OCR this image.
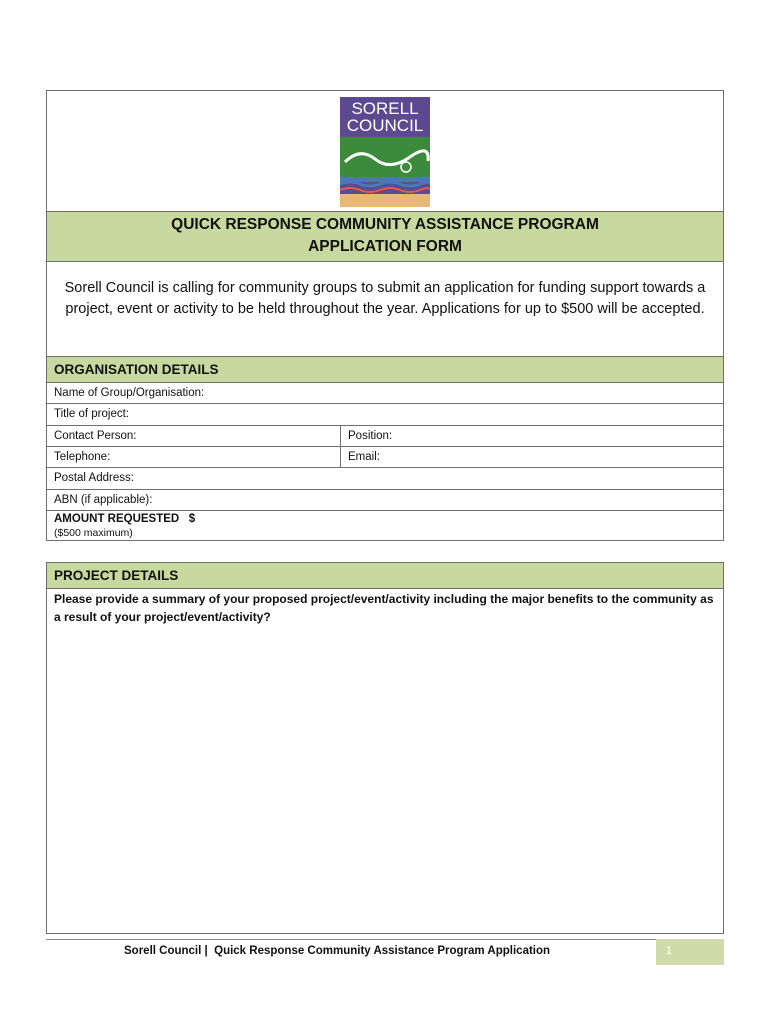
SORELL
COUNCIL
QUICK RESPONSE COMMUNITY ASSISTANCE PROGRAM
APPLICATION FORM
Sorell Council is calling for community groups to submit an application for funding support towards a project, event or activity to be held throughout the year. Applications for up to $500 will be accepted.
ORGANISATION DETAILS
Name of Group/Organisation:
Title of project:
Contact Person:	Position:
Telephone:	Email:
Postal Address:
ABN (if applicable):
AMOUNT REQUESTED   $
($500 maximum)
PROJECT DETAILS
Please provide a summary of your proposed project/event/activity including the major benefits to the community as a result of your project/event/activity?
Sorell Council |  Quick Response Community Assistance Program Application	1
